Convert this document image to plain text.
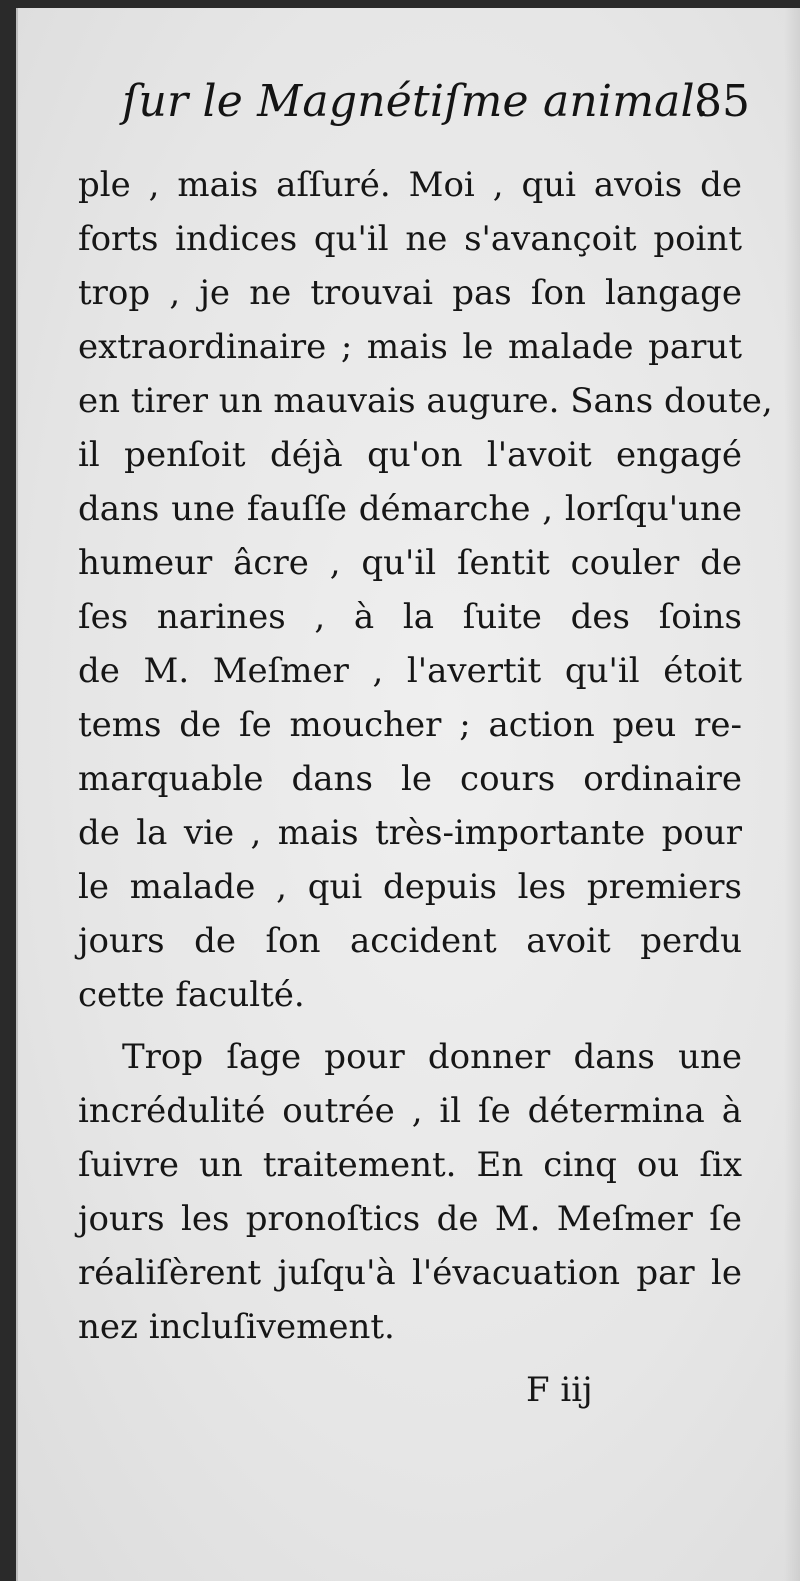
ſur le Magnétiſme animal.
85
ple , mais aſſuré. Moi , qui avois de
forts indices qu'il ne s'avançoit point
trop , je ne trouvai pas ſon langage
extraordinaire ; mais le malade parut
en tirer un mauvais augure. Sans doute,
il penſoit déjà qu'on l'avoit engagé
dans une fauſſe démarche , lorſqu'une
humeur âcre , qu'il ſentit couler de
ſes narines , à la ſuite des ſoins
de M. Meſmer , l'avertit qu'il étoit
tems de ſe moucher ; action peu re-
marquable dans le cours ordinaire
de la vie , mais très-importante pour
le malade , qui depuis les premiers
jours de ſon accident avoit perdu
cette faculté.
Trop ſage pour donner dans une
incrédulité outrée , il ſe détermina à
ſuivre un traitement. En cinq ou ſix
jours les pronoſtics de M. Meſmer ſe
réaliſèrent juſqu'à l'évacuation par le
nez incluſivement.
F iij
